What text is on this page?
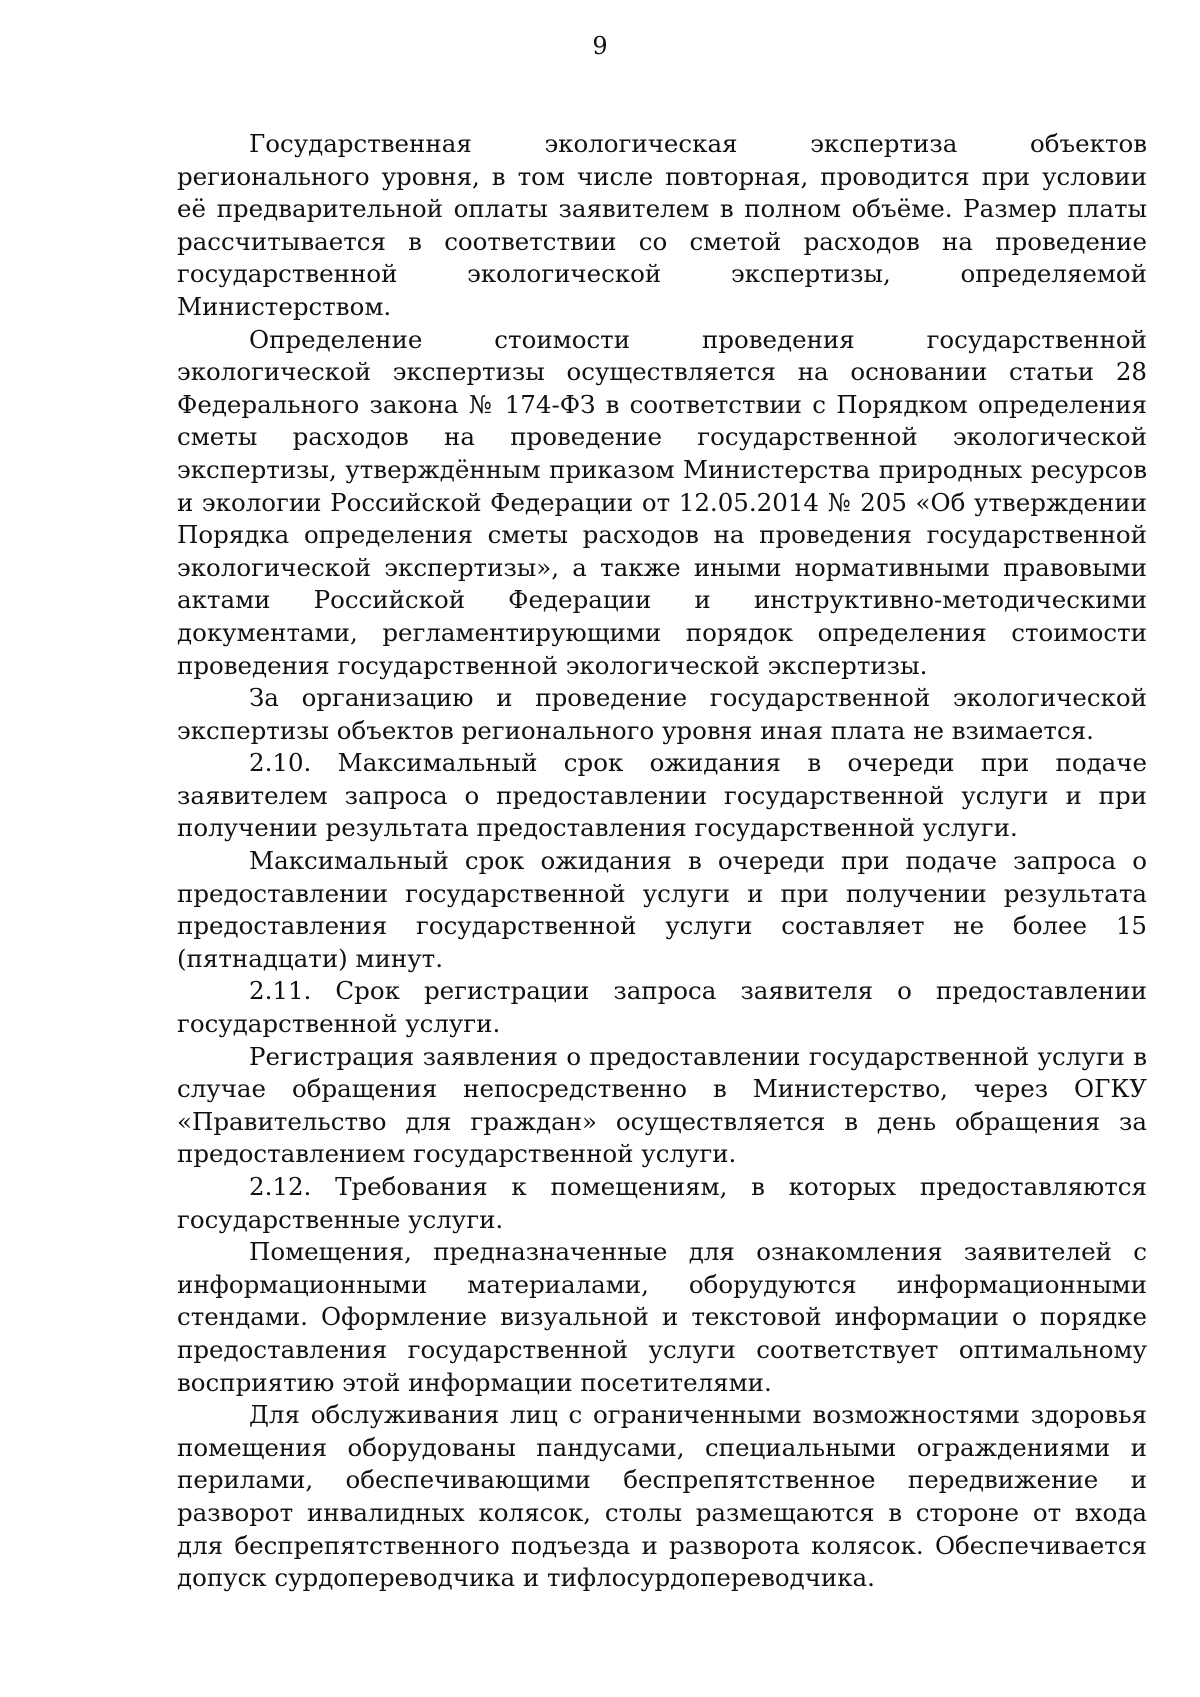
9

Государственная экологическая экспертиза объектов регионального уровня, в том числе повторная, проводится при условии её предварительной оплаты заявителем в полном объёме. Размер платы рассчитывается в соответствии со сметой расходов на проведение государственной экологической экспертизы, определяемой Министерством.

Определение стоимости проведения государственной экологической экспертизы осуществляется на основании статьи 28 Федерального закона № 174-ФЗ в соответствии с Порядком определения сметы расходов на проведение государственной экологической экспертизы, утверждённым приказом Министерства природных ресурсов и экологии Российской Федерации от 12.05.2014 № 205 «Об утверждении Порядка определения сметы расходов на проведения государственной экологической экспертизы», а также иными нормативными правовыми актами Российской Федерации и инструктивно-методическими документами, регламентирующими порядок определения стоимости проведения государственной экологической экспертизы.

За организацию и проведение государственной экологической экспертизы объектов регионального уровня иная плата не взимается.

2.10. Максимальный срок ожидания в очереди при подаче заявителем запроса о предоставлении государственной услуги и при получении результата предоставления государственной услуги.

Максимальный срок ожидания в очереди при подаче запроса о предоставлении государственной услуги и при получении результата предоставления государственной услуги составляет не более 15 (пятнадцати) минут.

2.11. Срок регистрации запроса заявителя о предоставлении государственной услуги.

Регистрация заявления о предоставлении государственной услуги в случае обращения непосредственно в Министерство, через ОГКУ «Правительство для граждан» осуществляется в день обращения за предоставлением государственной услуги.

2.12. Требования к помещениям, в которых предоставляются государственные услуги.

Помещения, предназначенные для ознакомления заявителей с информационными материалами, оборудуются информационными стендами. Оформление визуальной и текстовой информации о порядке предоставления государственной услуги соответствует оптимальному восприятию этой информации посетителями.

Для обслуживания лиц с ограниченными возможностями здоровья помещения оборудованы пандусами, специальными ограждениями и перилами, обеспечивающими беспрепятственное передвижение и разворот инвалидных колясок, столы размещаются в стороне от входа для беспрепятственного подъезда и разворота колясок. Обеспечивается допуск сурдопереводчика и тифлосурдопереводчика.
